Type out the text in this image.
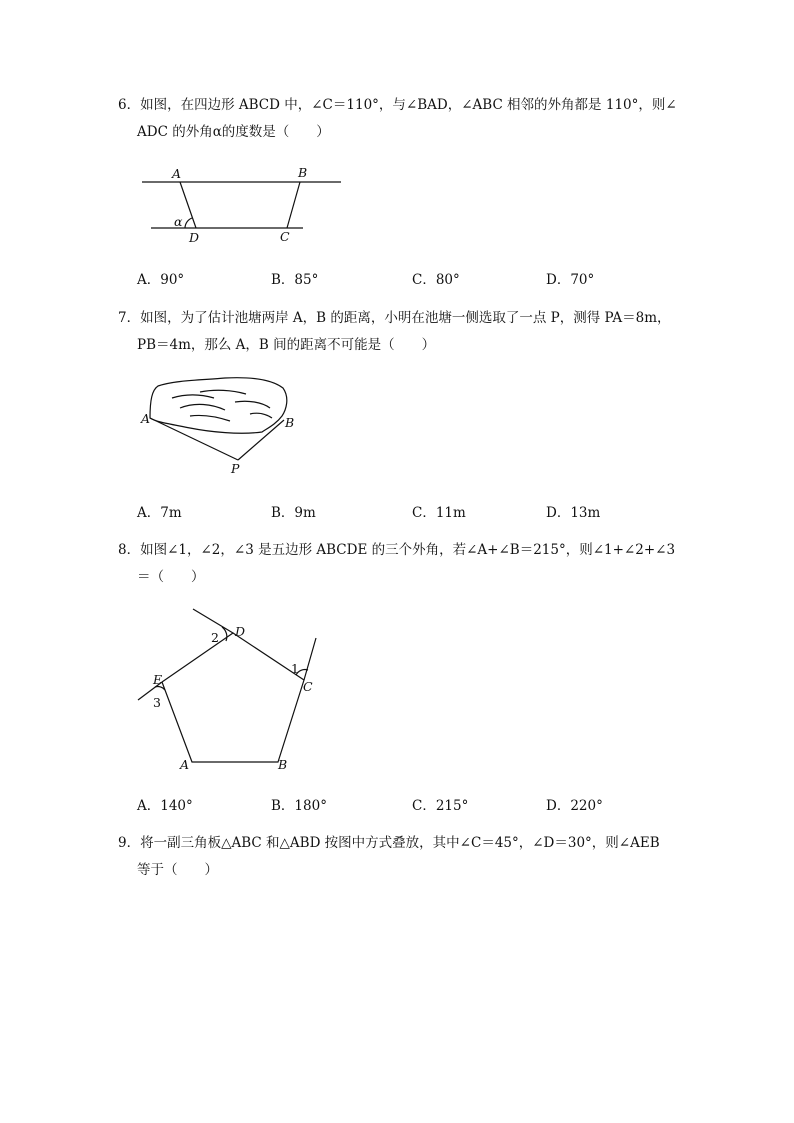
6．如图，在四边形 ABCD 中，∠C＝110°，与∠BAD，∠ABC 相邻的外角都是 110°，则∠
ADC 的外角α的度数是（　　）
A	B
α
D	C
A．90°	B．85°	C．80°	D．70°
7．如图，为了估计池塘两岸 A，B 的距离，小明在池塘一侧选取了一点 P，测得 PA＝8m，
PB＝4m，那么 A，B 间的距离不可能是（　　）
A	B
P
A．7m	B．9m	C．11m	D．13m
8．如图∠1，∠2，∠3 是五边形 ABCDE 的三个外角，若∠A+∠B＝215°，则∠1+∠2+∠3
＝（　　）
D
2
1
C
E
3
A	B
A．140°	B．180°	C．215°	D．220°
9．将一副三角板△ABC 和△ABD 按图中方式叠放，其中∠C＝45°，∠D＝30°，则∠AEB
等于（　　）
